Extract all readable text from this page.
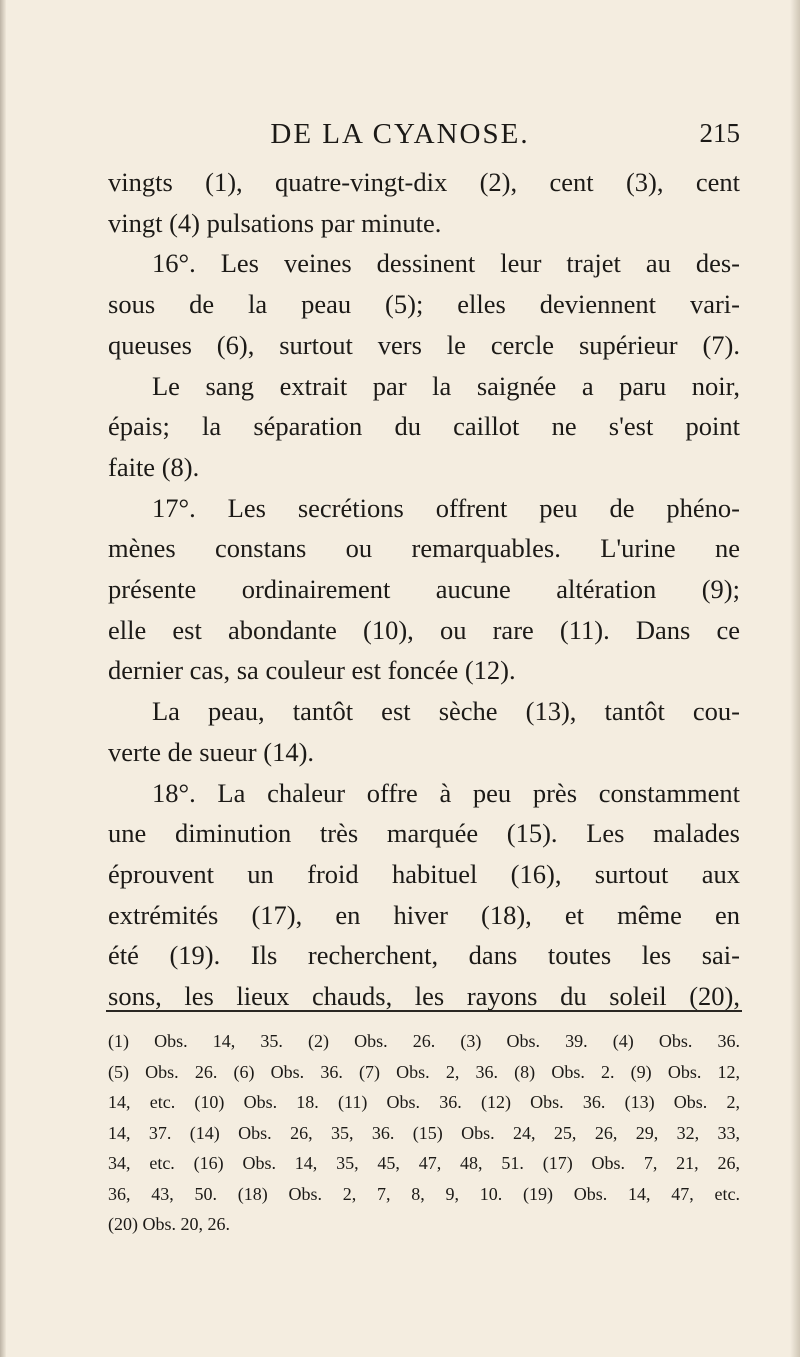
DE LA CYANOSE.	215

vingts (1), quatre-vingt-dix (2), cent (3), cent

vingt (4) pulsations par minute.

16°. Les veines dessinent leur trajet au des-

sous de la peau (5); elles deviennent vari-

queuses (6), surtout vers le cercle supérieur (7).

Le sang extrait par la saignée a paru noir,

épais; la séparation du caillot ne s'est point

faite (8).

17°. Les secrétions offrent peu de phéno-

mènes constans ou remarquables. L'urine ne

présente ordinairement aucune altération (9);

elle est abondante (10), ou rare (11). Dans ce

dernier cas, sa couleur est foncée (12).

La peau, tantôt est sèche (13), tantôt cou-

verte de sueur (14).

18°. La chaleur offre à peu près constamment

une diminution très marquée (15). Les malades

éprouvent un froid habituel (16), surtout aux

extrémités (17), en hiver (18), et même en

été (19). Ils recherchent, dans toutes les sai-

sons, les lieux chauds, les rayons du soleil (20),

(1) Obs. 14, 35. (2) Obs. 26. (3) Obs. 39. (4) Obs. 36.

(5) Obs. 26. (6) Obs. 36. (7) Obs. 2, 36. (8) Obs. 2. (9) Obs. 12,

14, etc. (10) Obs. 18. (11) Obs. 36. (12) Obs. 36. (13) Obs. 2,

14, 37. (14) Obs. 26, 35, 36. (15) Obs. 24, 25, 26, 29, 32, 33,

34, etc. (16) Obs. 14, 35, 45, 47, 48, 51. (17) Obs. 7, 21, 26,

36, 43, 50. (18) Obs. 2, 7, 8, 9, 10. (19) Obs. 14, 47, etc.

(20) Obs. 20, 26.
